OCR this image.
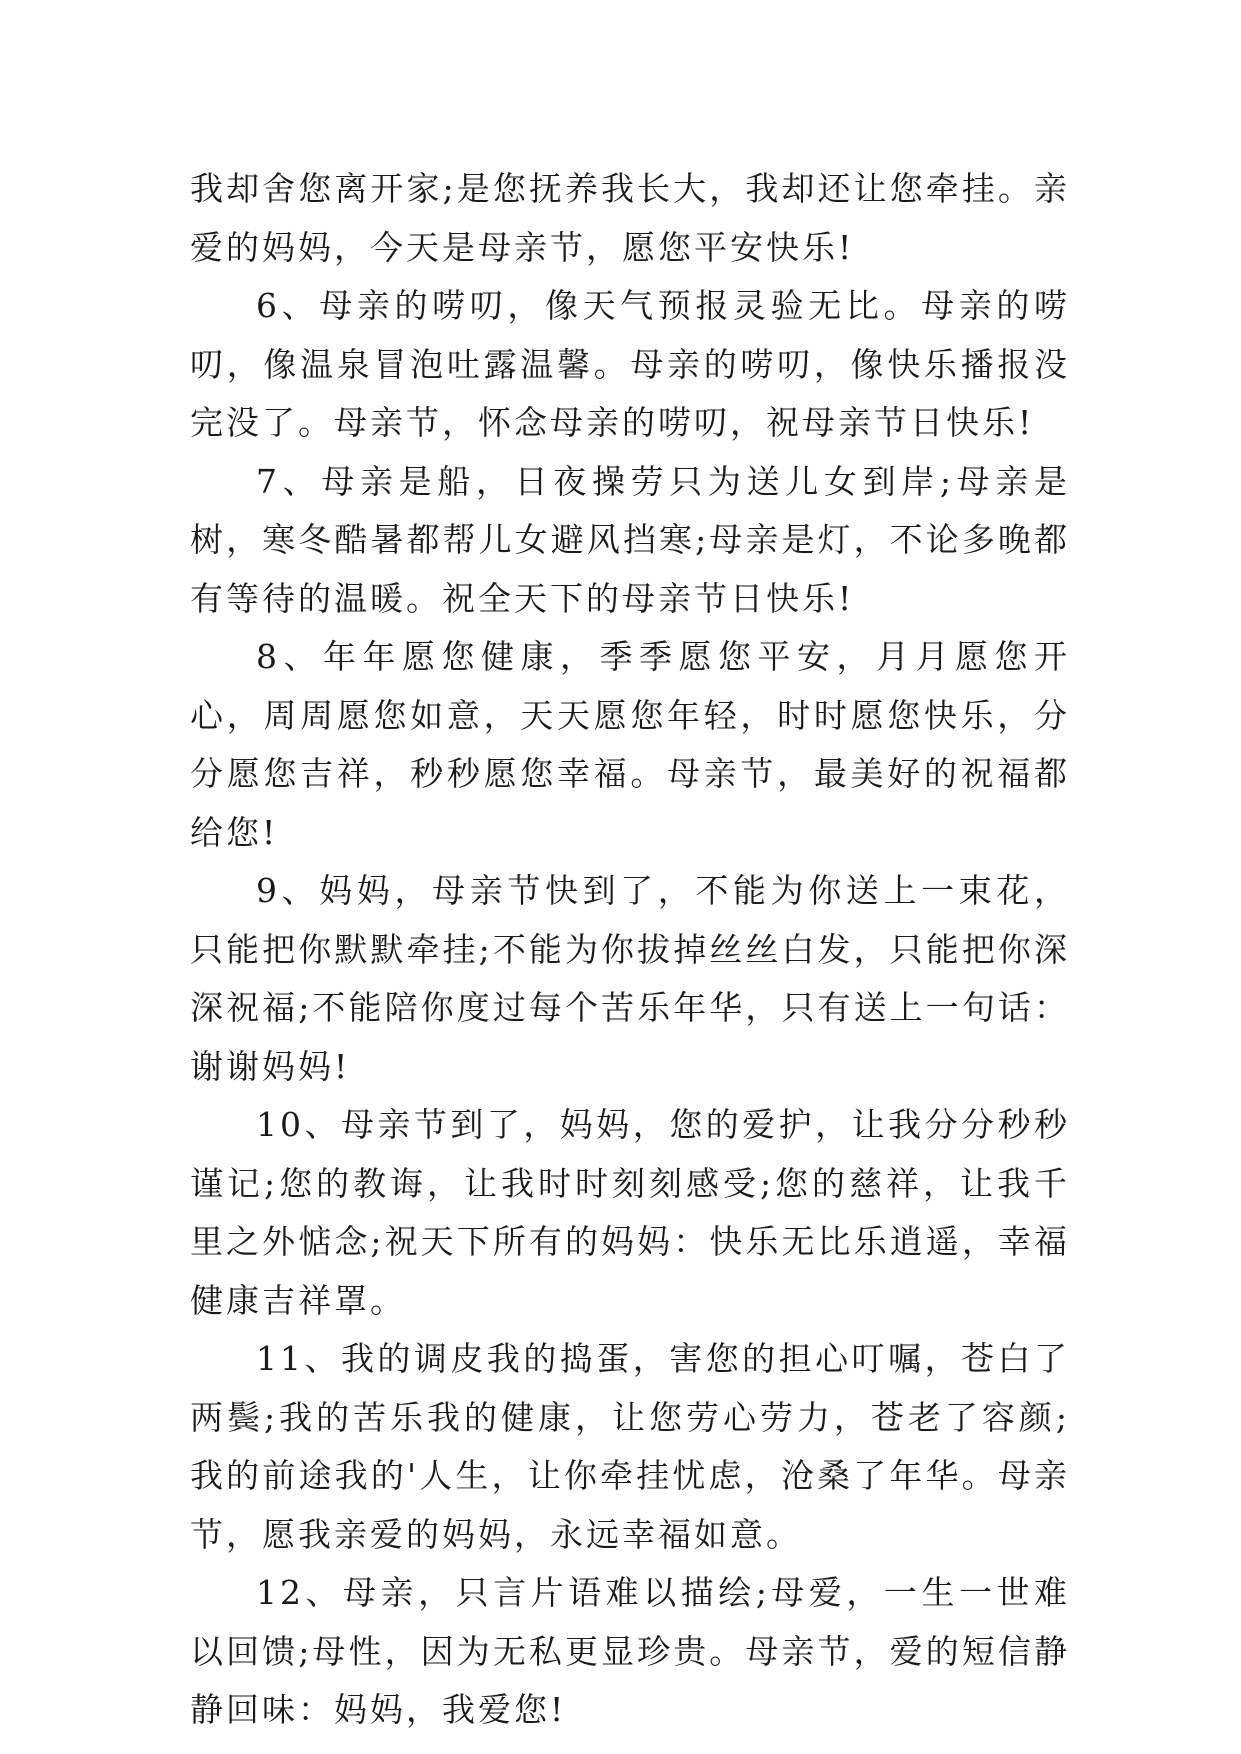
我却舍您离开家;是您抚养我长大，我却还让您牵挂。亲爱的妈妈，今天是母亲节，愿您平安快乐!

6、母亲的唠叨，像天气预报灵验无比。母亲的唠叨，像温泉冒泡吐露温馨。母亲的唠叨，像快乐播报没完没了。母亲节，怀念母亲的唠叨，祝母亲节日快乐!

7、母亲是船，日夜操劳只为送儿女到岸;母亲是树，寒冬酷暑都帮儿女避风挡寒;母亲是灯，不论多晚都有等待的温暖。祝全天下的母亲节日快乐!

8、年年愿您健康，季季愿您平安，月月愿您开心，周周愿您如意，天天愿您年轻，时时愿您快乐，分分愿您吉祥，秒秒愿您幸福。母亲节，最美好的祝福都给您!

9、妈妈，母亲节快到了，不能为你送上一束花，只能把你默默牵挂;不能为你拔掉丝丝白发，只能把你深深祝福;不能陪你度过每个苦乐年华，只有送上一句话：谢谢妈妈!

10、母亲节到了，妈妈，您的爱护，让我分分秒秒谨记;您的教诲，让我时时刻刻感受;您的慈祥，让我千里之外惦念;祝天下所有的妈妈：快乐无比乐逍遥，幸福健康吉祥罩。

11、我的调皮我的捣蛋，害您的担心叮嘱，苍白了两鬓;我的苦乐我的健康，让您劳心劳力，苍老了容颜;我的前途我的'人生，让你牵挂忧虑，沧桑了年华。母亲节，愿我亲爱的妈妈，永远幸福如意。

12、母亲，只言片语难以描绘;母爱，一生一世难以回馈;母性，因为无私更显珍贵。母亲节，爱的短信静静回味：妈妈，我爱您!
